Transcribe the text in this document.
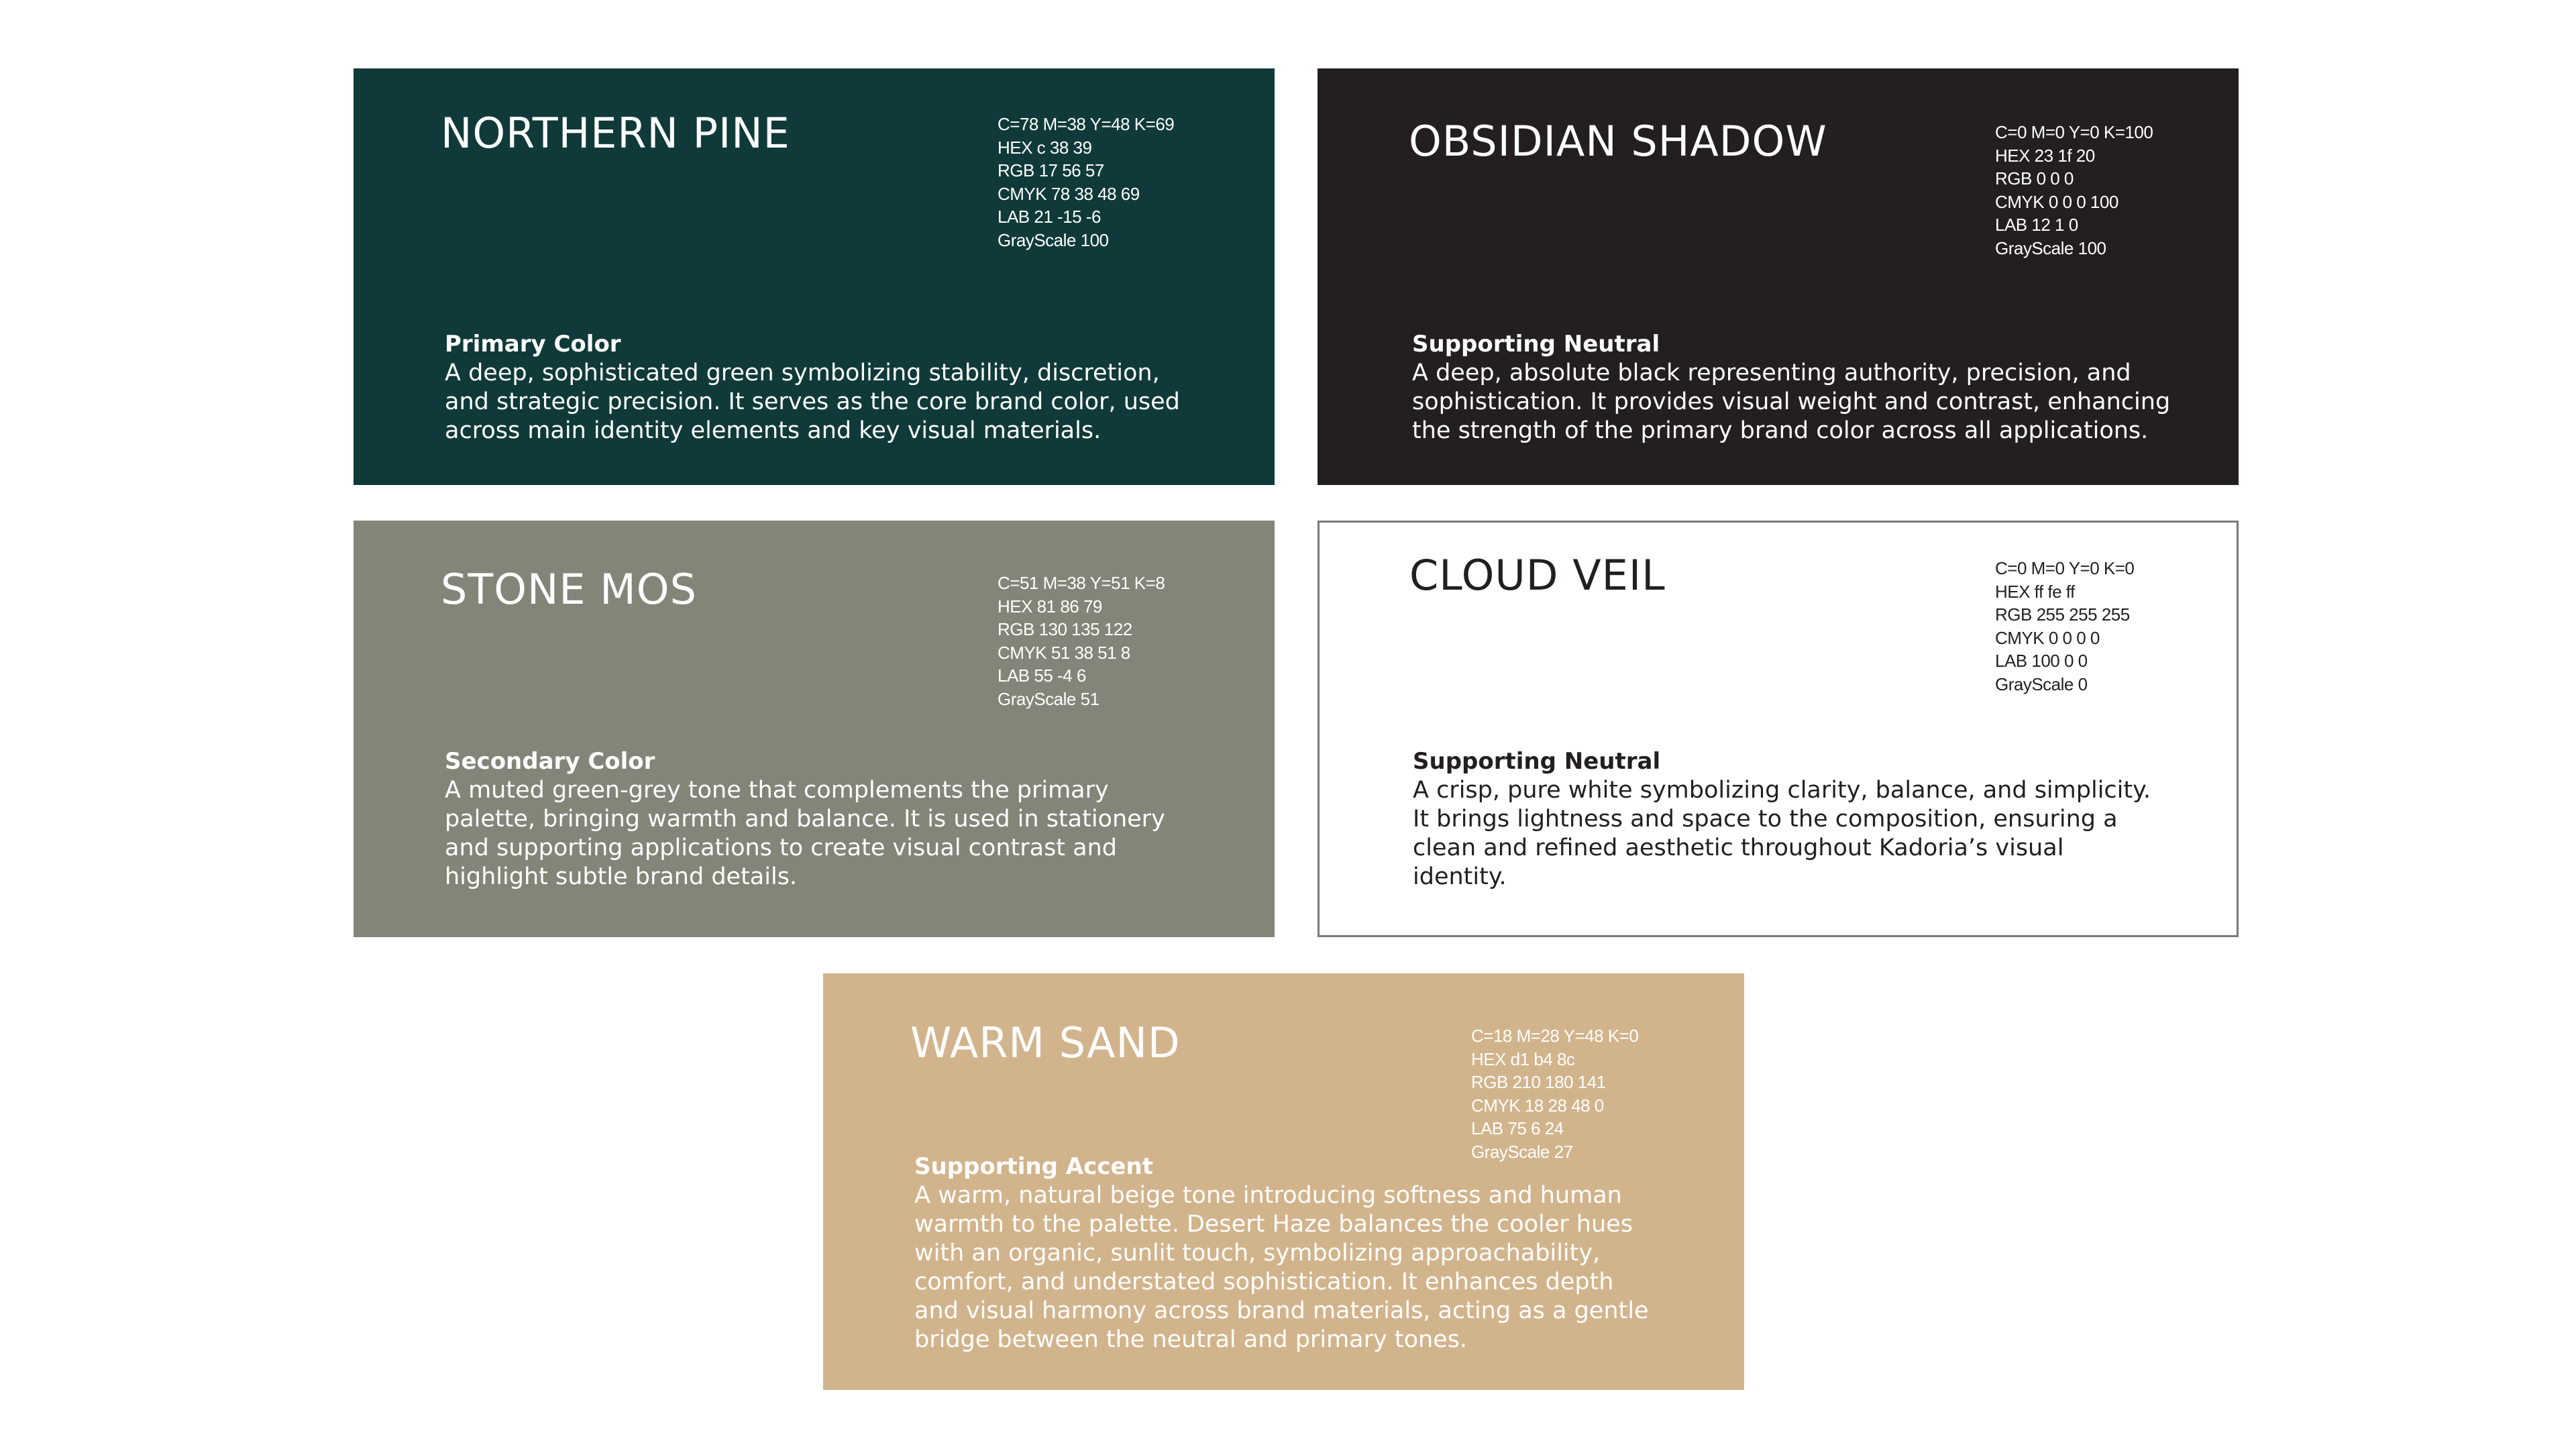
NORTHERN PINE	C=78 M=38 Y=48 K=69
HEX c 38 39
RGB 17 56 57
CMYK 78 38 48 69
LAB 21 -15 -6
GrayScale 100
Primary Color
A deep, sophisticated green symbolizing stability, discretion,
and strategic precision. It serves as the core brand color, used
across main identity elements and key visual materials.
OBSIDIAN SHADOW	C=0 M=0 Y=0 K=100
HEX 23 1f 20
RGB 0 0 0
CMYK 0 0 0 100
LAB 12 1 0
GrayScale 100
Supporting Neutral
A deep, absolute black representing authority, precision, and
sophistication. It provides visual weight and contrast, enhancing
the strength of the primary brand color across all applications.
STONE MOS	C=51 M=38 Y=51 K=8
HEX 81 86 79
RGB 130 135 122
CMYK 51 38 51 8
LAB 55 -4 6
GrayScale 51
Secondary Color
A muted green-grey tone that complements the primary
palette, bringing warmth and balance. It is used in stationery
and supporting applications to create visual contrast and
highlight subtle brand details.
CLOUD VEIL	C=0 M=0 Y=0 K=0
HEX ff fe ff
RGB 255 255 255
CMYK 0 0 0 0
LAB 100 0 0
GrayScale 0
Supporting Neutral
A crisp, pure white symbolizing clarity, balance, and simplicity.
It brings lightness and space to the composition, ensuring a
clean and refined aesthetic throughout Kadoria’s visual
identity.
WARM SAND	C=18 M=28 Y=48 K=0
HEX d1 b4 8c
RGB 210 180 141
CMYK 18 28 48 0
LAB 75 6 24
GrayScale 27
Supporting Accent
A warm, natural beige tone introducing softness and human
warmth to the palette. Desert Haze balances the cooler hues
with an organic, sunlit touch, symbolizing approachability,
comfort, and understated sophistication. It enhances depth
and visual harmony across brand materials, acting as a gentle
bridge between the neutral and primary tones.
